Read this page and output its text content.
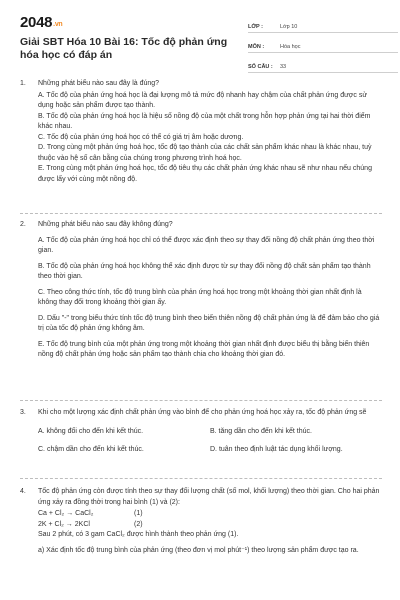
2048.vn
Giải SBT Hóa 10 Bài 16: Tốc độ phản ứng hóa học có đáp án
LỚP :	Lớp 10
MÔN :	Hóa học
SỐ CÂU :	33
1.	Những phát biểu nào sau đây là đúng?
A. Tốc độ của phản ứng hoá học là đại lượng mô tả mức độ nhanh hay chậm của chất phản ứng được sử dụng hoặc sản phẩm được tạo thành.
B. Tốc độ của phản ứng hoá học là hiệu số nồng độ của một chất trong hỗn hợp phản ứng tại hai thời điểm khác nhau.
C. Tốc độ của phản ứng hoá học có thể có giá trị âm hoặc dương.
D. Trong cùng một phản ứng hoá học, tốc độ tạo thành của các chất sản phẩm khác nhau là khác nhau, tuỳ thuộc vào hệ số cân bằng của chúng trong phương trình hoá học.
E. Trong cùng một phản ứng hoá học, tốc độ tiêu thụ các chất phản ứng khác nhau sẽ như nhau nếu chúng được lấy với cùng một nồng độ.
2.	Những phát biểu nào sau đây không đúng?
A. Tốc độ của phản ứng hoá học chỉ có thể được xác định theo sự thay đổi nồng độ chất phản ứng theo thời gian.
B. Tốc độ của phản ứng hoá học không thể xác định được từ sự thay đổi nồng độ chất sản phẩm tạo thành theo thời gian.
C. Theo công thức tính, tốc độ trung bình của phản ứng hoá học trong một khoảng thời gian nhất định là không thay đổi trong khoảng thời gian ấy.
D. Dấu "-" trong biểu thức tính tốc độ trung bình theo biến thiên nồng độ chất phản ứng là để đảm bảo cho giá trị của tốc độ phản ứng không âm.
E. Tốc độ trung bình của một phản ứng trong một khoảng thời gian nhất định được biểu thị bằng biến thiên nồng độ chất phản ứng hoặc sản phẩm tạo thành chia cho khoảng thời gian đó.
3.	Khi cho một lượng xác định chất phản ứng vào bình để cho phản ứng hoá học xảy ra, tốc độ phản ứng sẽ
A. không đổi cho đến khi kết thúc.	B. tăng dần cho đến khi kết thúc.
C. chậm dần cho đến khi kết thúc.	D. tuân theo định luật tác dụng khối lượng.
4.	Tốc độ phản ứng còn được tính theo sự thay đổi lượng chất (số mol, khối lượng) theo thời gian. Cho hai phản ứng xảy ra đồng thời trong hai bình (1) và (2):
Ca + Cl₂ → CaCl₂	(1)
2K + Cl₂ → 2KCl	(2)
Sau 2 phút, có 3 gam CaCl₂ được hình thành theo phản ứng (1).
a) Xác định tốc độ trung bình của phản ứng (theo đơn vị mol phút⁻¹) theo lượng sản phẩm được tạo ra.
